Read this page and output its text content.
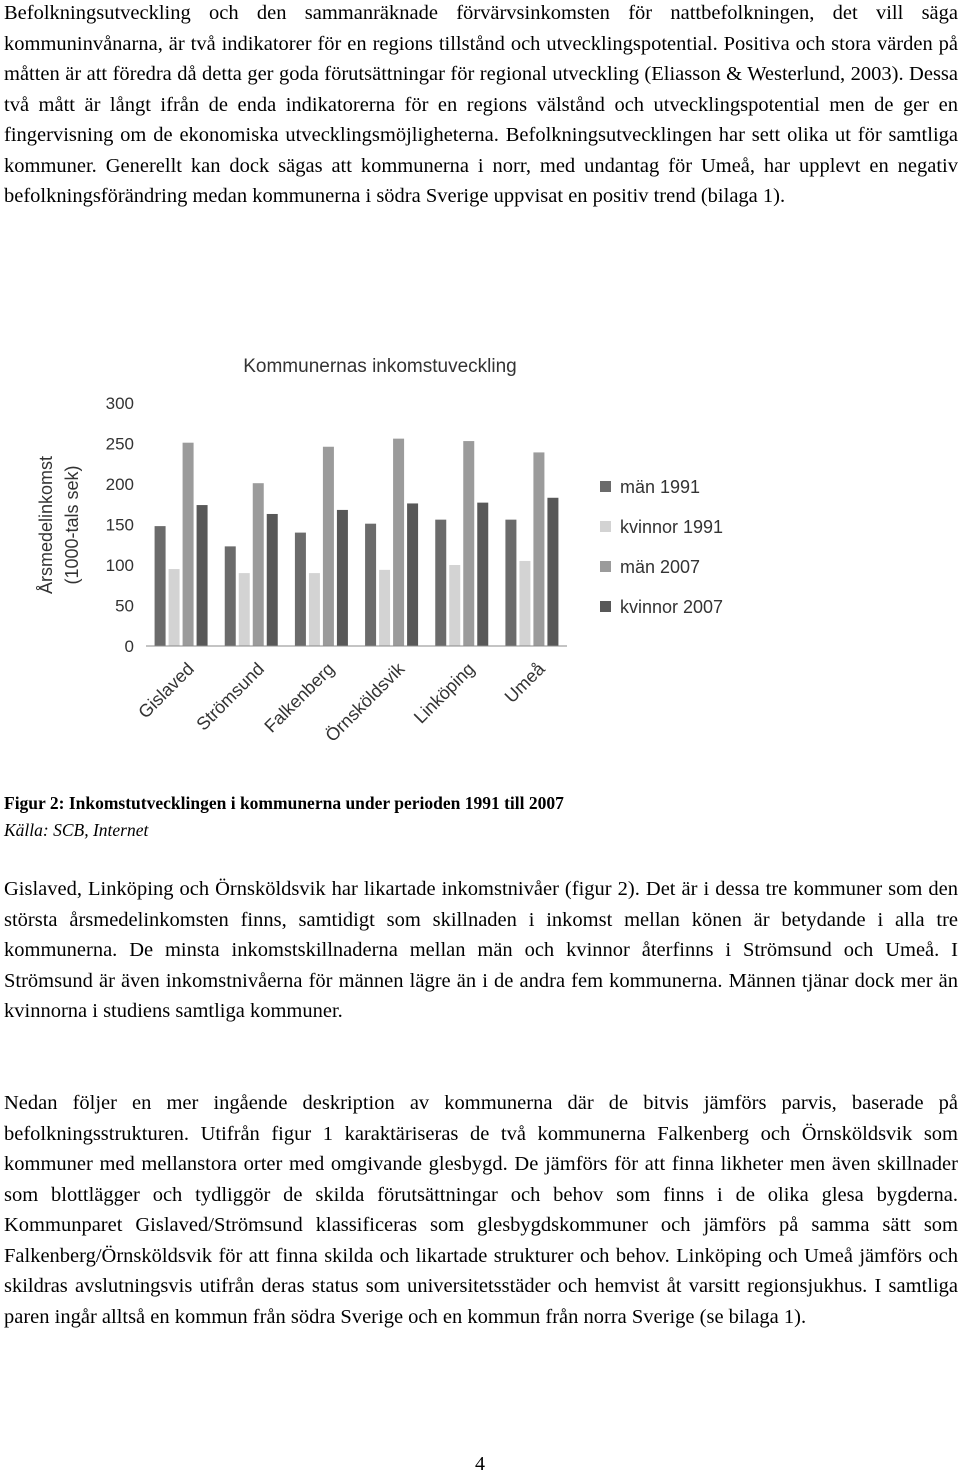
Befolkningsutveckling och den sammanräknade förvärvsinkomsten för nattbefolkningen, det vill säga kommuninvånarna, är två indikatorer för en regions tillstånd och utvecklingspotential. Positiva och stora värden på måtten är att föredra då detta ger goda förutsättningar för regional utveckling (Eliasson & Westerlund, 2003). Dessa två mått är långt ifrån de enda indikatorerna för en regions välstånd och utvecklingspotential men de ger en fingervisning om de ekonomiska utvecklingsmöjligheterna. Befolkningsutvecklingen har sett olika ut för samtliga kommuner. Generellt kan dock sägas att kommunerna i norr, med undantag för Umeå, har upplevt en negativ befolkningsförändring medan kommunerna i södra Sverige uppvisat en positiv trend (bilaga 1).

Kommunernas inkomstuveckling
Årsmedelinkomst (1000-tals sek)
0
50
100
150
200
250
300
Gislaved
Strömsund
Falkenberg
Örnsköldsvik Linköping Umeå
män 1991
kvinnor 1991
män 2007
kvinnor 2007

Figur 2: Inkomstutvecklingen i kommunerna under perioden 1991 till 2007

Källa: SCB, Internet

Gislaved, Linköping och Örnsköldsvik har likartade inkomstnivåer (figur 2). Det är i dessa tre kommuner som den största årsmedelinkomsten finns, samtidigt som skillnaden i inkomst mellan könen är betydande i alla tre kommunerna. De minsta inkomstskillnaderna mellan män och kvinnor återfinns i Strömsund och Umeå. I Strömsund är även inkomstnivåerna för männen lägre än i de andra fem kommunerna. Männen tjänar dock mer än kvinnorna i studiens samtliga kommuner.

Nedan följer en mer ingående deskription av kommunerna där de bitvis jämförs parvis, baserade på befolkningsstrukturen. Utifrån figur 1 karaktäriseras de två kommunerna Falkenberg och Örnsköldsvik som kommuner med mellanstora orter med omgivande glesbygd. De jämförs för att finna likheter men även skillnader som blottlägger och tydliggör de skilda förutsättningar och behov som finns i de olika glesa bygderna. Kommunparet Gislaved/Strömsund klassificeras som glesbygdskommuner och jämförs på samma sätt som Falkenberg/Örnsköldsvik för att finna skilda och likartade strukturer och behov. Linköping och Umeå jämförs och skildras avslutningsvis utifrån deras status som universitetsstäder och hemvist åt varsitt regionsjukhus. I samtliga paren ingår alltså en kommun från södra Sverige och en kommun från norra Sverige (se bilaga 1).

4
